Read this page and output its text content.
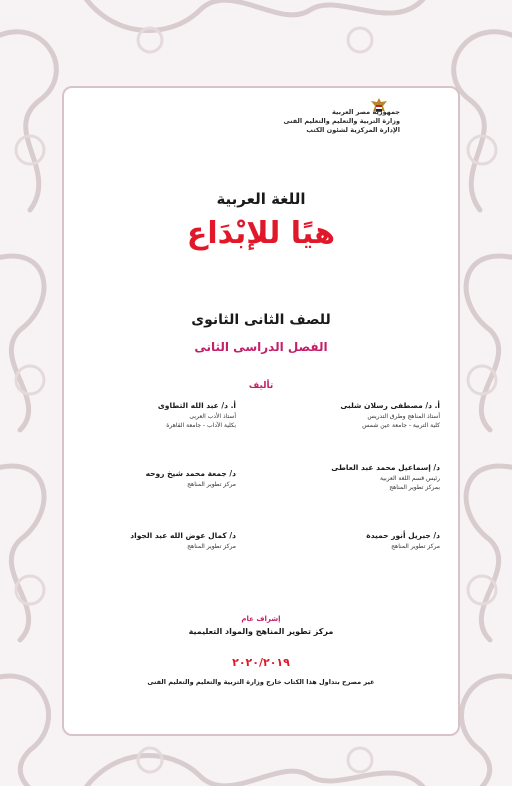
جمهورية مصر العربية
وزارة التربية والتعليم والتعليم الفنى
الإدارة المركزية لشئون الكتب
اللغة العربية
هيًا للإبْدَاع
للصف الثانى الثانوى
الفصل الدراسى الثانى
تأليف
أ. د/ مصطفى رسلان شلبى
أستاذ المناهج وطرق التدريس
كلية التربية - جامعة عين شمس
أ. د/ عبد الله التطاوى
أستاذ الأدب العربى
بكلية الآداب - جامعة القاهرة
د/ إسماعيل محمد عبد العاطى
رئيس قسم اللغة العربية
بمركز تطوير المناهج
د/ جمعة محمد شيخ روحه
مركز تطوير المناهج
د/ جبريل أنور حميدة
مركز تطوير المناهج
د/ كمال عوض الله عبد الجواد
مركز تطوير المناهج
إشراف عام
مركز تطوير المناهج والمواد التعليمية
٢٠٢٠/٢٠١٩
غير مصرح بتداول هذا الكتاب خارج وزارة التربية والتعليم والتعليم الفنى
